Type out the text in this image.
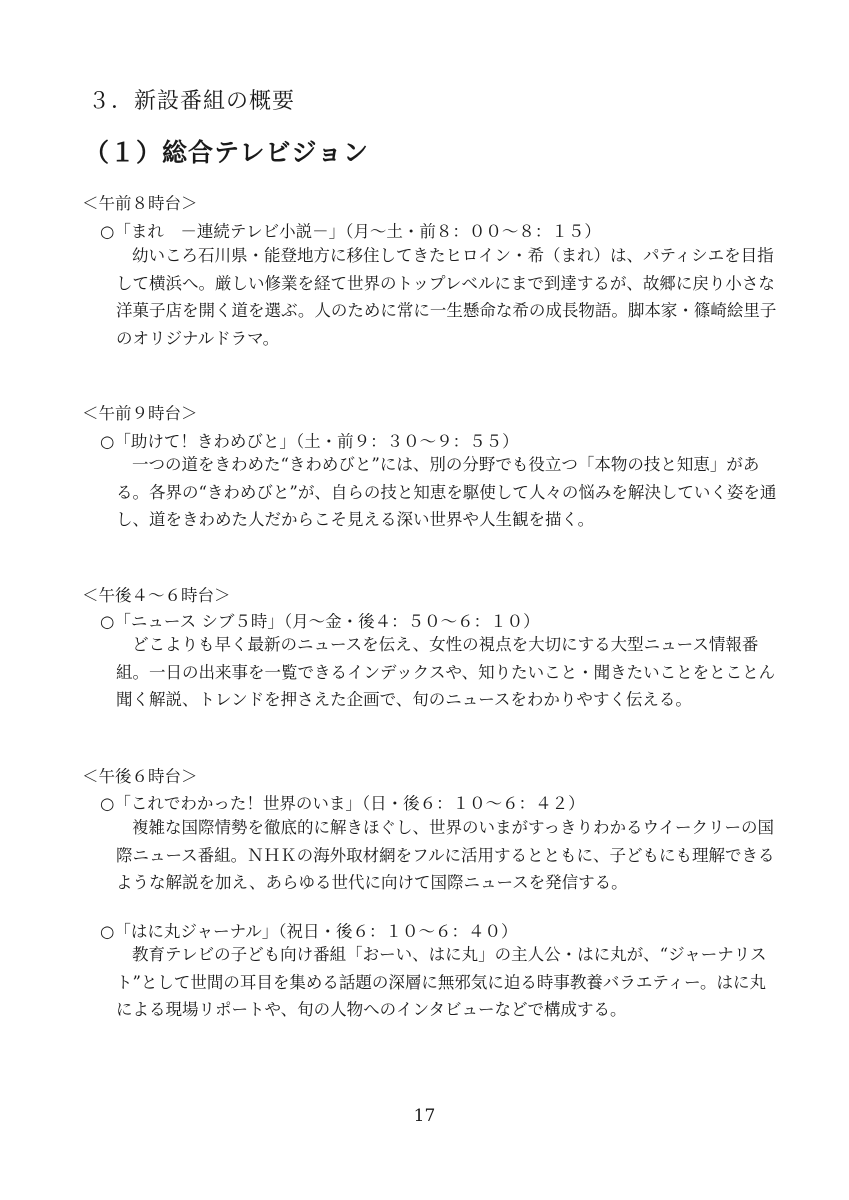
３．新設番組の概要
（１）総合テレビジョン
＜午前８時台＞
○「まれ　－連続テレビ小説－」（月～土・前８：００～８：１５）

幼いころ石川県・能登地方に移住してきたヒロイン・希（まれ）は、パティシエを目指して横浜へ。厳しい修業を経て世界のトップレベルにまで到達するが、故郷に戻り小さな洋菓子店を開く道を選ぶ。人のために常に一生懸命な希の成長物語。脚本家・篠崎絵里子のオリジナルドラマ。

＜午前９時台＞
○「助けて！きわめびと」（土・前９：３０～９：５５）

一つの道をきわめた“きわめびと”には、別の分野でも役立つ「本物の技と知恵」がある。各界の“きわめびと”が、自らの技と知恵を駆使して人々の悩みを解決していく姿を通し、道をきわめた人だからこそ見える深い世界や人生観を描く。

＜午後４～６時台＞
○「ニュース シブ５時」（月～金・後４：５０～６：１０）

どこよりも早く最新のニュースを伝え、女性の視点を大切にする大型ニュース情報番組。一日の出来事を一覧できるインデックスや、知りたいこと・聞きたいことをとことん聞く解説、トレンドを押さえた企画で、旬のニュースをわかりやすく伝える。

＜午後６時台＞
○「これでわかった！世界のいま」（日・後６：１０～６：４２）

複雑な国際情勢を徹底的に解きほぐし、世界のいまがすっきりわかるウイークリーの国際ニュース番組。ＮＨＫの海外取材網をフルに活用するとともに、子どもにも理解できるような解説を加え、あらゆる世代に向けて国際ニュースを発信する。

○「はに丸ジャーナル」（祝日・後６：１０～６：４０）

教育テレビの子ども向け番組「おーい、はに丸」の主人公・はに丸が、“ジャーナリスト”として世間の耳目を集める話題の深層に無邪気に迫る時事教養バラエティー。はに丸による現場リポートや、旬の人物へのインタビューなどで構成する。

17
